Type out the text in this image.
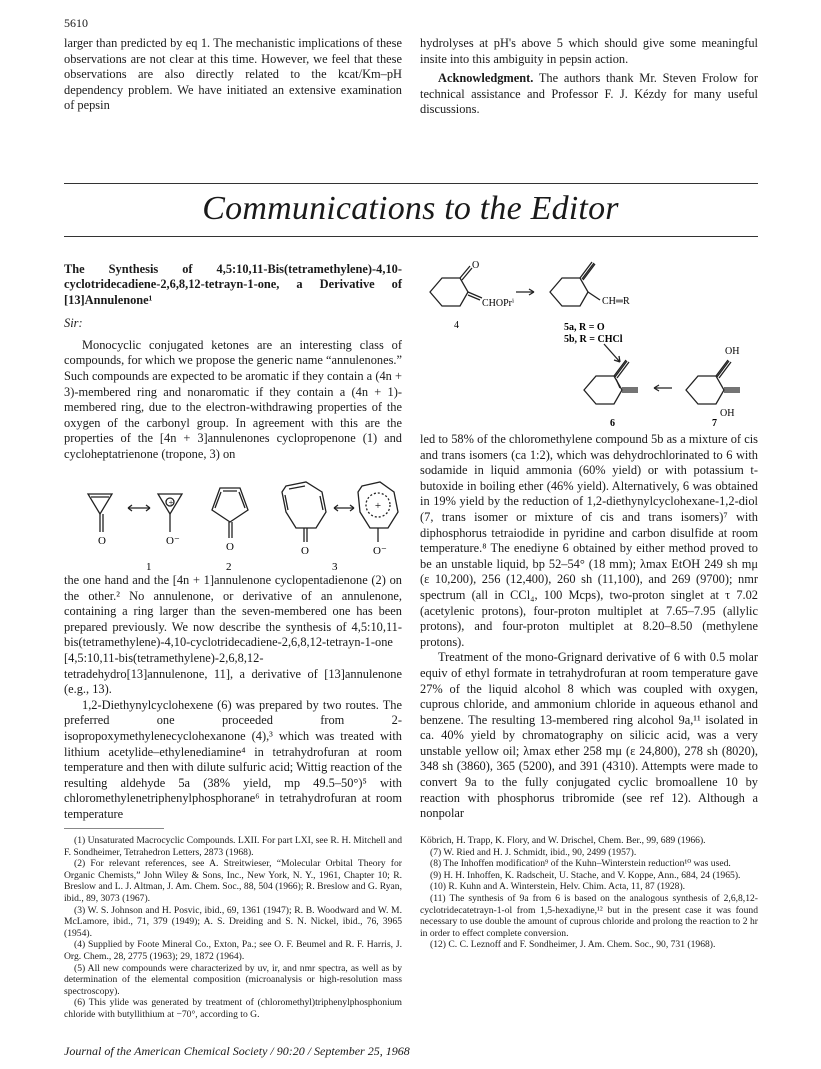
5610

larger than predicted by eq 1. The mechanistic implications of these observations are not clear at this time. However, we feel that these observations are also directly related to the kcat/Km–pH dependency problem. We have initiated an extensive examination of pepsin

hydrolyses at pH's above 5 which should give some meaningful insite into this ambiguity in pepsin action.

Acknowledgment. The authors thank Mr. Steven Frolow for technical assistance and Professor F. J. Kézdy for many useful discussions.

Communications to the Editor
The Synthesis of 4,5:10,11-Bis(tetramethylene)-4,10-cyclotridecadiene-2,6,8,12-tetrayn-1-one, a Derivative of [13]Annulenone¹
Sir:

Monocyclic conjugated ketones are an interesting class of compounds, for which we propose the generic name “annulenones.” Such compounds are expected to be aromatic if they contain a (4n + 3)-membered ring and nonaromatic if they contain a (4n + 1)-membered ring, due to the electron-withdrawing properties of the oxygen of the carbonyl group. In agreement with this are the properties of the [4n + 3]annulenones cyclopropenone (1) and cycloheptatrienone (tropone, 3) on

+	+
O	O⁻	O	O	O⁻
1	2	3

the one hand and the [4n + 1]annulenone cyclopentadienone (2) on the other.² No annulenone, or derivative of an annulenone, containing a ring larger than the seven-membered one has been prepared previously. We now describe the synthesis of 4,5:10,11-bis(tetramethylene)-4,10-cyclotridecadiene-2,6,8,12-tetrayn-1-one [4,5:10,11-bis(tetramethylene)-2,6,8,12-tetradehydro[13]annulenone, 11], a derivative of [13]annulenone (e.g., 13).

1,2-Diethynylcyclohexene (6) was prepared by two routes. The preferred one proceeded from 2-isopropoxymethylenecyclohexanone (4),³ which was treated with lithium acetylide–ethylenediamine⁴ in tetrahydrofuran at room temperature and then with dilute sulfuric acid; Wittig reaction of the resulting aldehyde 5a (38% yield, mp 49.5–50°)⁵ with chloromethylenetriphenylphosphorane⁶ in tetrahydrofuran at room temperature

O
CHOPrⁱ
4
CH═R
5a, R = O
5b, R = CHCl
OH
OH
6	7

led to 58% of the chloromethylene compound 5b as a mixture of cis and trans isomers (ca 1:2), which was dehydrochlorinated to 6 with sodamide in liquid ammonia (60% yield) or with potassium t-butoxide in boiling ether (46% yield). Alternatively, 6 was obtained in 19% yield by the reduction of 1,2-diethynylcyclohexane-1,2-diol (7, trans isomer or mixture of cis and trans isomers)⁷ with diphosphorus tetraiodide in pyridine and carbon disulfide at room temperature.⁸ The enediyne 6 obtained by either method proved to be an unstable liquid, bp 52–54° (18 mm); λmax EtOH 249 sh mμ (ε 10,200), 256 (12,400), 260 sh (11,100), and 269 (9700); nmr spectrum (all in CCl₄, 100 Mcps), two-proton singlet at τ 7.02 (acetylenic protons), four-proton multiplet at 7.65–7.95 (allylic protons), and four-proton multiplet at 8.20–8.50 (methylene protons).

Treatment of the mono-Grignard derivative of 6 with 0.5 molar equiv of ethyl formate in tetrahydrofuran at room temperature gave 27% of the liquid alcohol 8 which was coupled with oxygen, cuprous chloride, and ammonium chloride in aqueous ethanol and benzene. The resulting 13-membered ring alcohol 9a,¹¹ isolated in ca. 40% yield by chromatography on silicic acid, was a very unstable yellow oil; λmax ether 258 mμ (ε 24,800), 278 sh (8020), 348 sh (3860), 365 (5200), and 391 (4310). Attempts were made to convert 9a to the fully conjugated cyclic bromoallene 10 by reaction with phosphorus tribromide (see ref 12). Although a nonpolar

(1) Unsaturated Macrocyclic Compounds. LXII. For part LXI, see R. H. Mitchell and F. Sondheimer, Tetrahedron Letters, 2873 (1968).

(2) For relevant references, see A. Streitwieser, “Molecular Orbital Theory for Organic Chemists,” John Wiley & Sons, Inc., New York, N. Y., 1961, Chapter 10; R. Breslow and L. J. Altman, J. Am. Chem. Soc., 88, 504 (1966); R. Breslow and G. Ryan, ibid., 89, 3073 (1967).

(3) W. S. Johnson and H. Posvic, ibid., 69, 1361 (1947); R. B. Woodward and W. M. McLamore, ibid., 71, 379 (1949); A. S. Dreiding and S. N. Nickel, ibid., 76, 3965 (1954).

(4) Supplied by Foote Mineral Co., Exton, Pa.; see O. F. Beumel and R. F. Harris, J. Org. Chem., 28, 2775 (1963); 29, 1872 (1964).

(5) All new compounds were characterized by uv, ir, and nmr spectra, as well as by determination of the elemental composition (microanalysis or high-resolution mass spectroscopy).

(6) This ylide was generated by treatment of (chloromethyl)triphenylphosphonium chloride with butyllithium at −70°, according to G.

Köbrich, H. Trapp, K. Flory, and W. Drischel, Chem. Ber., 99, 689 (1966).

(7) W. Ried and H. J. Schmidt, ibid., 90, 2499 (1957).

(8) The Inhoffen modification⁹ of the Kuhn–Winterstein reduction¹⁰ was used.

(9) H. H. Inhoffen, K. Radscheit, U. Stache, and V. Koppe, Ann., 684, 24 (1965).

(10) R. Kuhn and A. Winterstein, Helv. Chim. Acta, 11, 87 (1928).

(11) The synthesis of 9a from 6 is based on the analogous synthesis of 2,6,8,12-cyclotridecatetrayn-1-ol from 1,5-hexadiyne,¹² but in the present case it was found necessary to use double the amount of cuprous chloride and prolong the reaction to 2 hr in order to effect complete conversion.

(12) C. C. Leznoff and F. Sondheimer, J. Am. Chem. Soc., 90, 731 (1968).

Journal of the American Chemical Society / 90:20 / September 25, 1968
